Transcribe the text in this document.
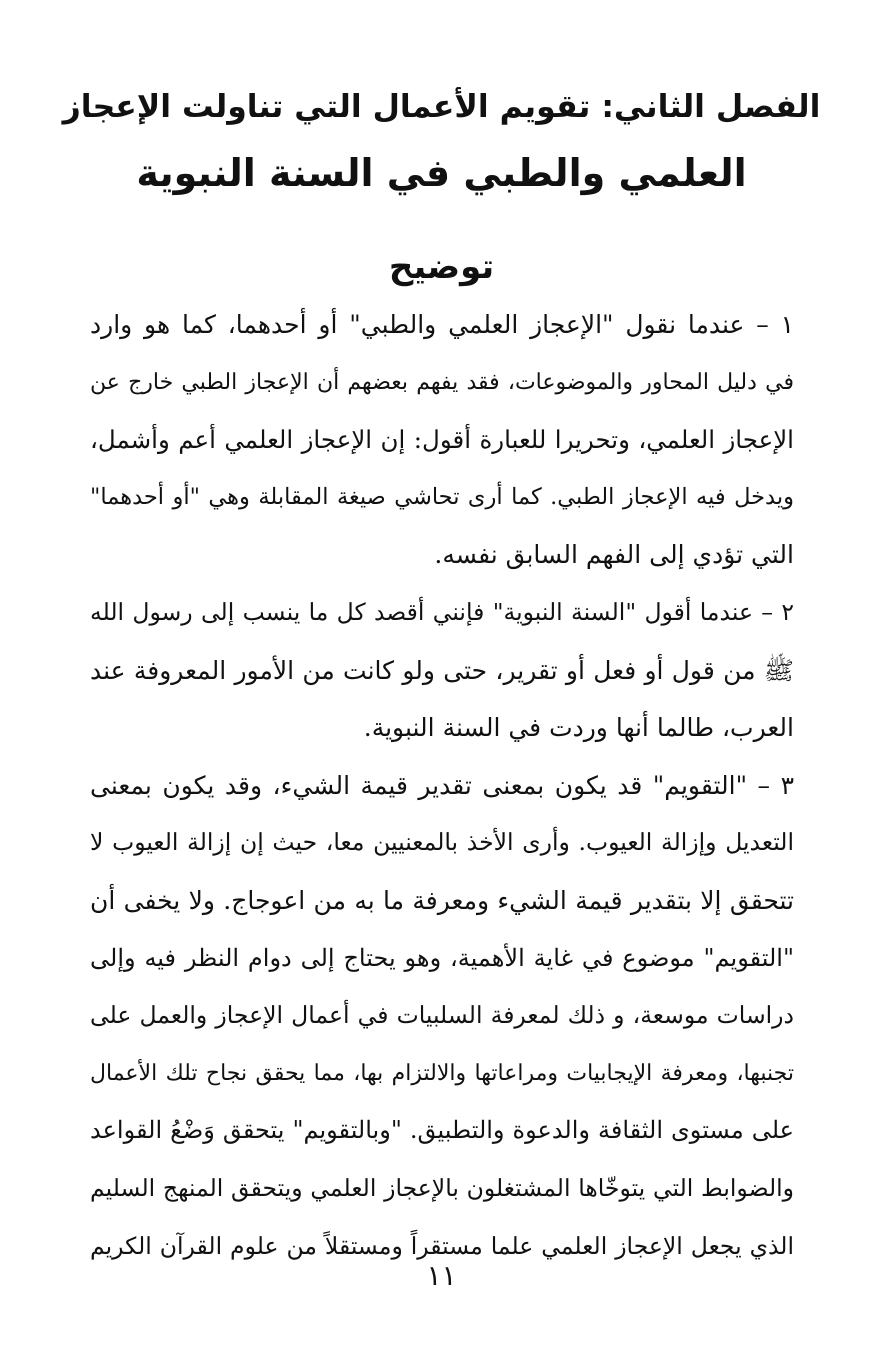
الفصل الثاني: تقويم الأعمال التي تناولت الإعجاز
العلمي والطبي في السنة النبوية
توضيح

١ – عندما نقول "الإعجاز العلمي والطبي" أو أحدهما، كما هو وارد
في دليل المحاور والموضوعات، فقد يفهم بعضهم أن الإعجاز الطبي خارج عن
الإعجاز العلمي، وتحريرا للعبارة أقول: إن الإعجاز العلمي أعم وأشمل،
ويدخل فيه الإعجاز الطبي. كما أرى تحاشي صيغة المقابلة وهي "أو أحدهما"
التي تؤدي إلى الفهم السابق نفسه.

٢ – عندما أقول "السنة النبوية" فإنني أقصد كل ما ينسب إلى رسول الله
ﷺ من قول أو فعل أو تقرير، حتى ولو كانت من الأمور المعروفة عند
العرب، طالما أنها وردت في السنة النبوية.

٣ – "التقويم" قد يكون بمعنى تقدير قيمة الشيء، وقد يكون بمعنى
التعديل وإزالة العيوب. وأرى الأخذ بالمعنيين معا، حيث إن إزالة العيوب لا
تتحقق إلا بتقدير قيمة الشيء ومعرفة ما به من اعوجاج. ولا يخفى أن
"التقويم" موضوع في غاية الأهمية، وهو يحتاج إلى دوام النظر فيه وإلى
دراسات موسعة، و ذلك لمعرفة السلبيات في أعمال الإعجاز والعمل على
تجنبها، ومعرفة الإيجابيات ومراعاتها والالتزام بها، مما يحقق نجاح تلك الأعمال
على مستوى الثقافة والدعوة والتطبيق. "وبالتقويم" يتحقق وَضْعُ القواعد
والضوابط التي يتوخّاها المشتغلون بالإعجاز العلمي ويتحقق المنهج السليم
الذي يجعل الإعجاز العلمي علما مستقراً ومستقلاً من علوم القرآن الكريم

١١
